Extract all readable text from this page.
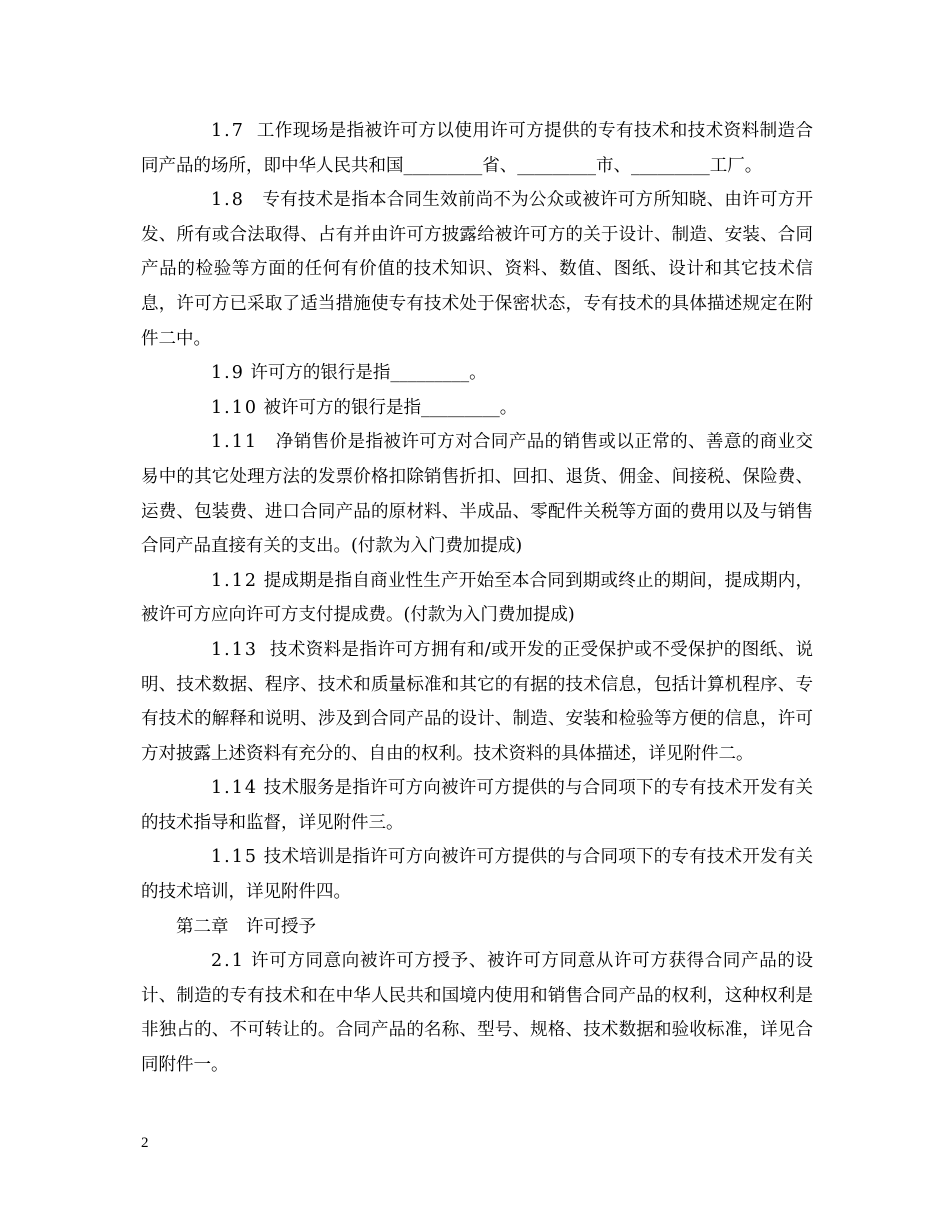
1.7  工作现场是指被许可方以使用许可方提供的专有技术和技术资料制造合同产品的场所，即中华人民共和国_________省、_________市、_________工厂。

1.8   专有技术是指本合同生效前尚不为公众或被许可方所知晓、由许可方开发、所有或合法取得、占有并由许可方披露给被许可方的关于设计、制造、安装、合同产品的检验等方面的任何有价值的技术知识、资料、数值、图纸、设计和其它技术信息，许可方已采取了适当措施使专有技术处于保密状态，专有技术的具体描述规定在附件二中。

1.9 许可方的银行是指_________。

1.10 被许可方的银行是指_________。

1.11   净销售价是指被许可方对合同产品的销售或以正常的、善意的商业交易中的其它处理方法的发票价格扣除销售折扣、回扣、退货、佣金、间接税、保险费、运费、包装费、进口合同产品的原材料、半成品、零配件关税等方面的费用以及与销售合同产品直接有关的支出。(付款为入门费加提成)

1.12 提成期是指自商业性生产开始至本合同到期或终止的期间，提成期内，被许可方应向许可方支付提成费。(付款为入门费加提成)

1.13  技术资料是指许可方拥有和/或开发的正受保护或不受保护的图纸、说明、技术数据、程序、技术和质量标准和其它的有据的技术信息，包括计算机程序、专有技术的解释和说明、涉及到合同产品的设计、制造、安装和检验等方便的信息，许可方对披露上述资料有充分的、自由的权利。技术资料的具体描述，详见附件二。

1.14 技术服务是指许可方向被许可方提供的与合同项下的专有技术开发有关的技术指导和监督，详见附件三。

1.15 技术培训是指许可方向被许可方提供的与合同项下的专有技术开发有关的技术培训，详见附件四。

第二章　许可授予

2.1 许可方同意向被许可方授予、被许可方同意从许可方获得合同产品的设计、制造的专有技术和在中华人民共和国境内使用和销售合同产品的权利，这种权利是非独占的、不可转让的。合同产品的名称、型号、规格、技术数据和验收标准，详见合同附件一。

2
